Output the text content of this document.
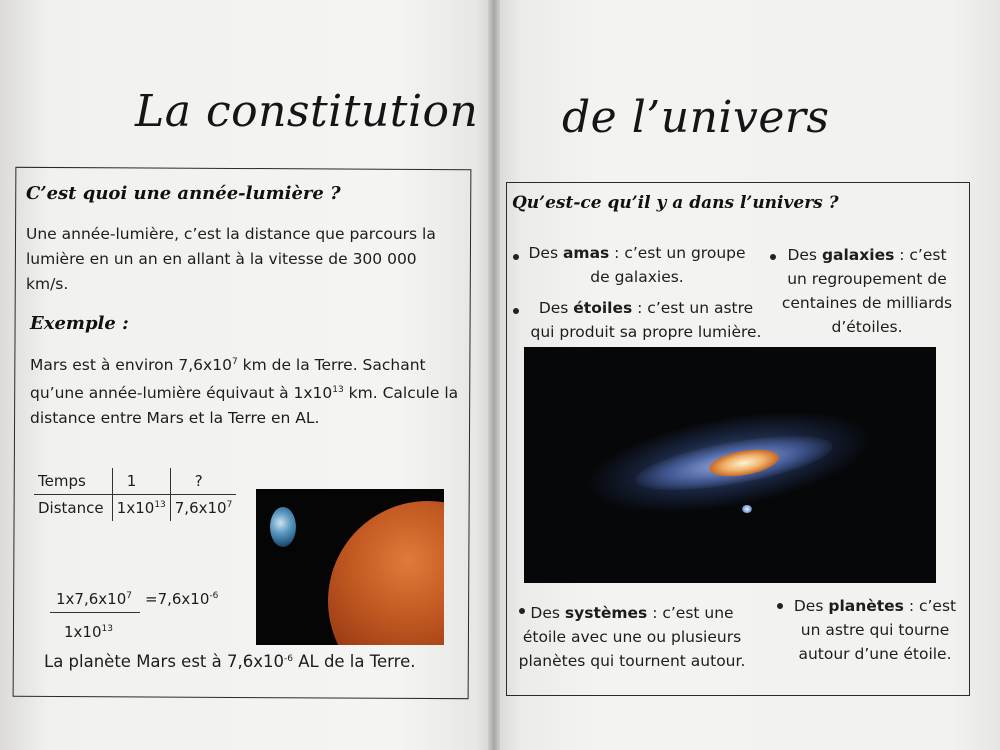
La constitution de l’univers
C’est quoi une année-lumière ?
Une année-lumière, c’est la distance que parcours la lumière en un an en allant à la vitesse de 300 000 km/s.
Exemple :
Mars est à environ $7,6x10^7$ km de la Terre. Sachant qu’une année-lumière équivaut à $1x10^{13}$ km. Calcule la distance entre Mars et la Terre en AL.
Temps	1	?
Distance	$1x10^{13}$	$7,6x10^7$
$1x7,6x10^7 =7,6x10^{-6}$
$1x10^{13}$
La planète Mars est à $7,6x10^{-6}$ AL de la Terre.
Qu’est-ce qu’il y a dans l’univers ?
Des amas : c’est un groupe de galaxies.
Des galaxies : c’est un regroupement de centaines de milliards d’étoiles.
Des étoiles : c’est un astre qui produit sa propre lumière.
Des systèmes : c’est une étoile avec une ou plusieurs planètes qui tournent autour.
Des planètes : c’est un astre qui tourne autour d’une étoile.
